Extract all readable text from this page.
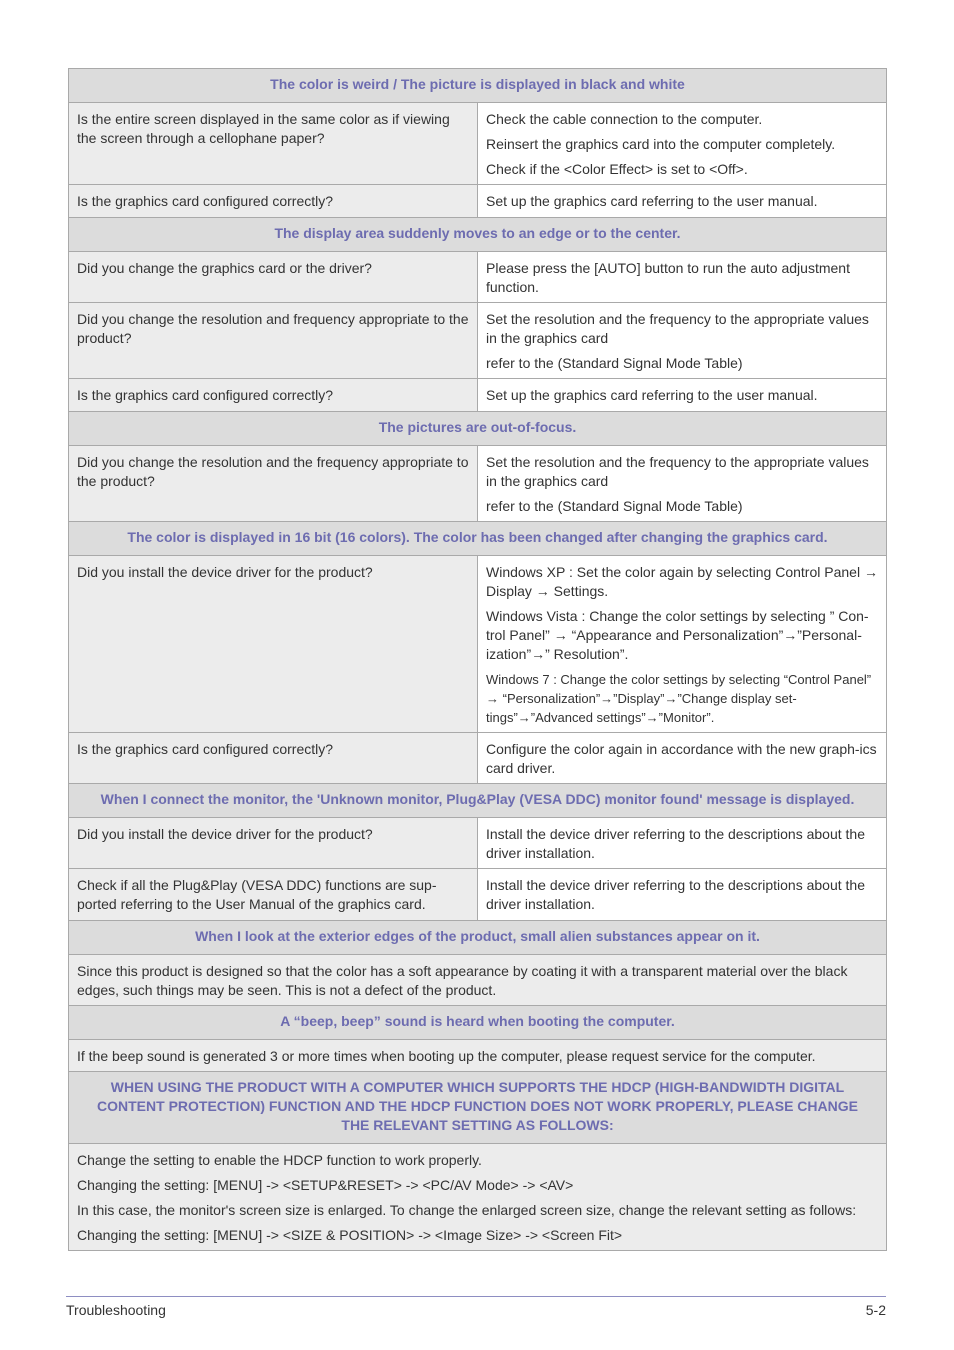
The color is weird / The picture is displayed in black and white	
Is the entire screen displayed in the same color as if viewing the screen through a cellophane paper?	Check the cable connection to the computer.
Reinsert the graphics card into the computer completely.
Check if the <Color Effect> is set to <Off>.

Is the graphics card configured correctly?	Set up the graphics card referring to the user manual.

The display area suddenly moves to an edge or to the center.	
Did you change the graphics card or the driver?	Please press the [AUTO] button to run the auto adjustment function.

Did you change the resolution and frequency appropriate to the product?	Set the resolution and the frequency to the appropriate values in the graphics card
refer to the (Standard Signal Mode Table)

Is the graphics card configured correctly?	Set up the graphics card referring to the user manual.

The pictures are out-of-focus.	
Did you change the resolution and the frequency appropriate to the product?	Set the resolution and the frequency to the appropriate values in the graphics card
refer to the (Standard Signal Mode Table)

The color is displayed in 16 bit (16 colors). The color has been changed after changing the graphics card.	
Did you install the device driver for the product?	Windows XP : Set the color again by selecting Control Panel → Display → Settings.
Windows Vista : Change the color settings by selecting ” Con-trol Panel” → “Appearance and Personalization”→”Personal-ization”→” Resolution”.
Windows 7 : Change the color settings by selecting “Control Panel” → “Personalization”→”Display”→”Change display set-tings”→”Advanced settings”→”Monitor”.

Is the graphics card configured correctly?	Configure the color again in accordance with the new graph-ics card driver.

When I connect the monitor, the 'Unknown monitor, Plug&Play (VESA DDC) monitor found' message is displayed.	
Did you install the device driver for the product?	Install the device driver referring to the descriptions about the driver installation.

Check if all the Plug&Play (VESA DDC) functions are sup-ported referring to the User Manual of the graphics card.	Install the device driver referring to the descriptions about the driver installation.

When I look at the exterior edges of the product, small alien substances appear on it.	

Since this product is designed so that the color has a soft appearance by coating it with a transparent material over the black edges, such things may be seen. This is not a defect of the product.	

A “beep, beep” sound is heard when booting the computer.	

If the beep sound is generated 3 or more times when booting up the computer, please request service for the computer.	

WHEN USING THE PRODUCT WITH A COMPUTER WHICH SUPPORTS THE HDCP (HIGH-BANDWIDTH DIGITAL CONTENT PROTECTION) FUNCTION AND THE HDCP FUNCTION DOES NOT WORK PROPERLY, PLEASE CHANGE THE RELEVANT SETTING AS FOLLOWS:	

Change the setting to enable the HDCP function to work properly.
Changing the setting: [MENU] -> <SETUP&RESET> -> <PC/AV Mode> -> <AV>
In this case, the monitor's screen size is enlarged. To change the enlarged screen size, change the relevant setting as follows:
Changing the setting: [MENU] -> <SIZE & POSITION> -> <Image Size> -> <Screen Fit>	
Troubleshooting	5-2
